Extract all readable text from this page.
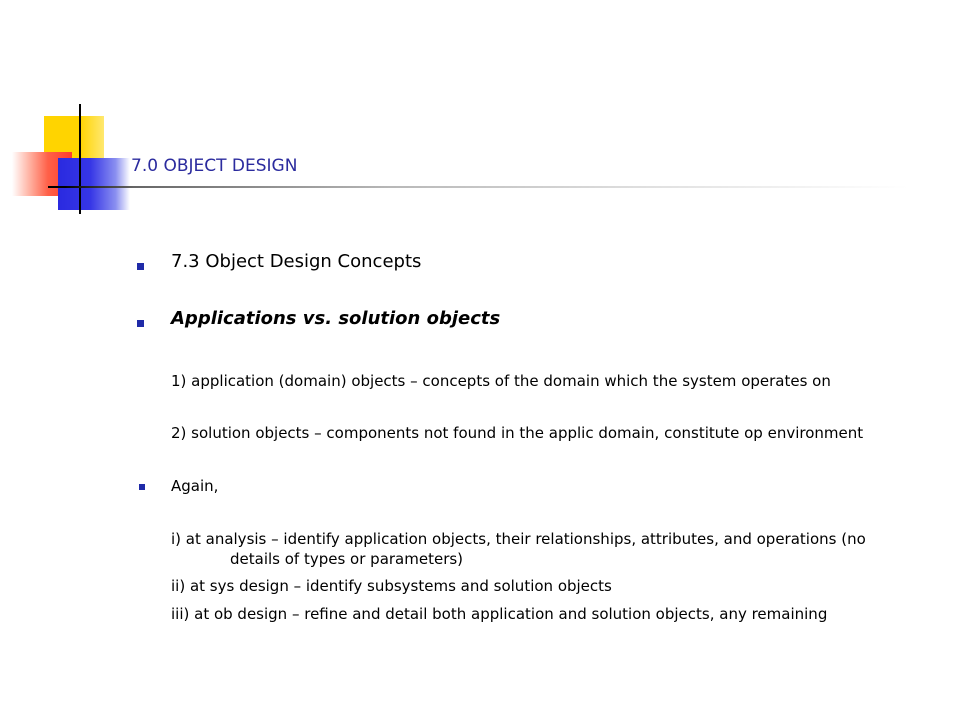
7.0 OBJECT DESIGN
7.3 Object Design Concepts
Applications vs. solution objects
1) application (domain) objects – concepts of the domain which the system operates on
2) solution objects – components not found in the applic domain, constitute op environment
Again,
i) at analysis – identify application objects, their relationships, attributes, and operations (no
details of types or parameters)
ii) at sys design – identify subsystems and solution objects
iii) at ob design – refine and detail both application and solution objects, any remaining
